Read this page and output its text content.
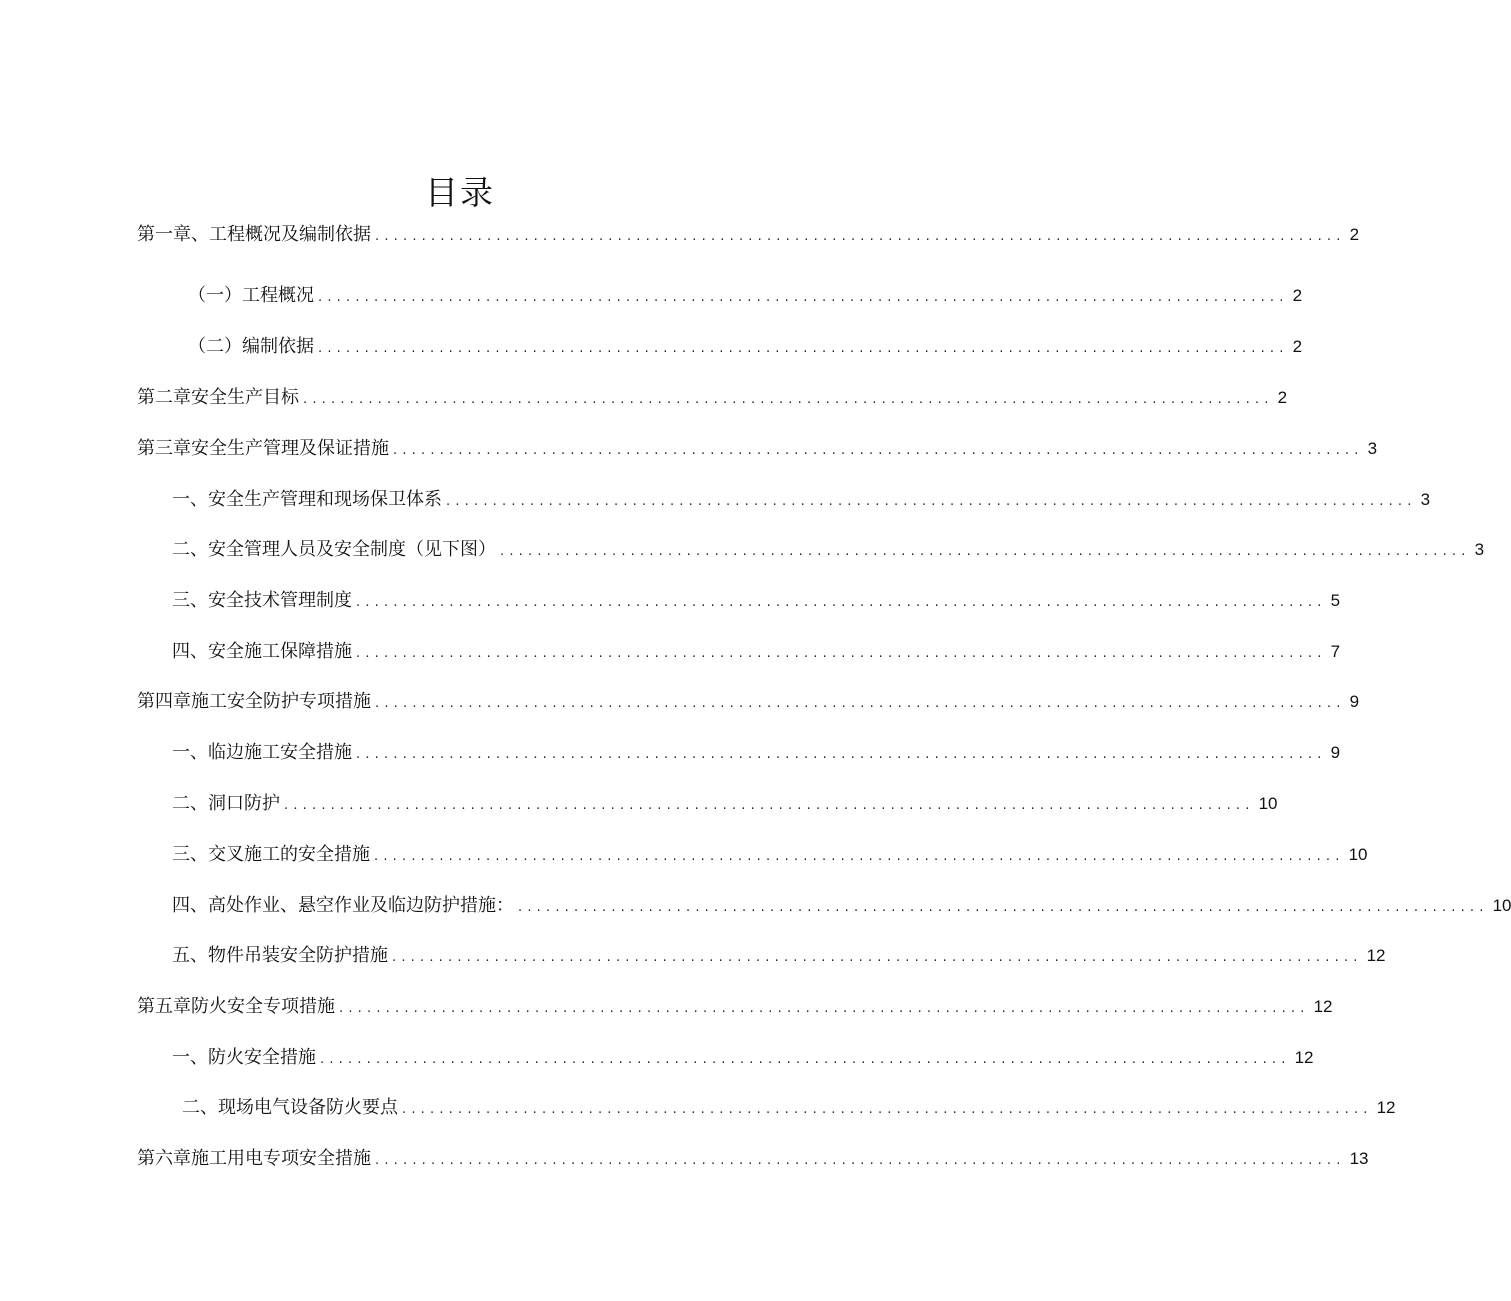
目录
第一章、工程概况及编制依据 ........................................................................................................ 2
（一）工程概况 ........................................................................................................ 2
（二）编制依据 ........................................................................................................ 2
第二章安全生产目标 ........................................................................................................ 2
第三章安全生产管理及保证措施 ........................................................................................................ 3
一、安全生产管理和现场保卫体系 ........................................................................................................ 3
二、安全管理人员及安全制度（见下图） ........................................................................................................ 3
三、安全技术管理制度 ........................................................................................................ 5
四、安全施工保障措施 ........................................................................................................ 7
第四章施工安全防护专项措施 ........................................................................................................ 9
一、临边施工安全措施 ........................................................................................................ 9
二、洞口防护 ........................................................................................................ 10
三、交叉施工的安全措施 ........................................................................................................ 10
四、高处作业、悬空作业及临边防护措施： ........................................................................................................ 10
五、物件吊装安全防护措施 ........................................................................................................ 12
第五章防火安全专项措施 ........................................................................................................ 12
一、防火安全措施 ........................................................................................................ 12
二、现场电气设备防火要点 ........................................................................................................ 12
第六章施工用电专项安全措施 ........................................................................................................ 13
